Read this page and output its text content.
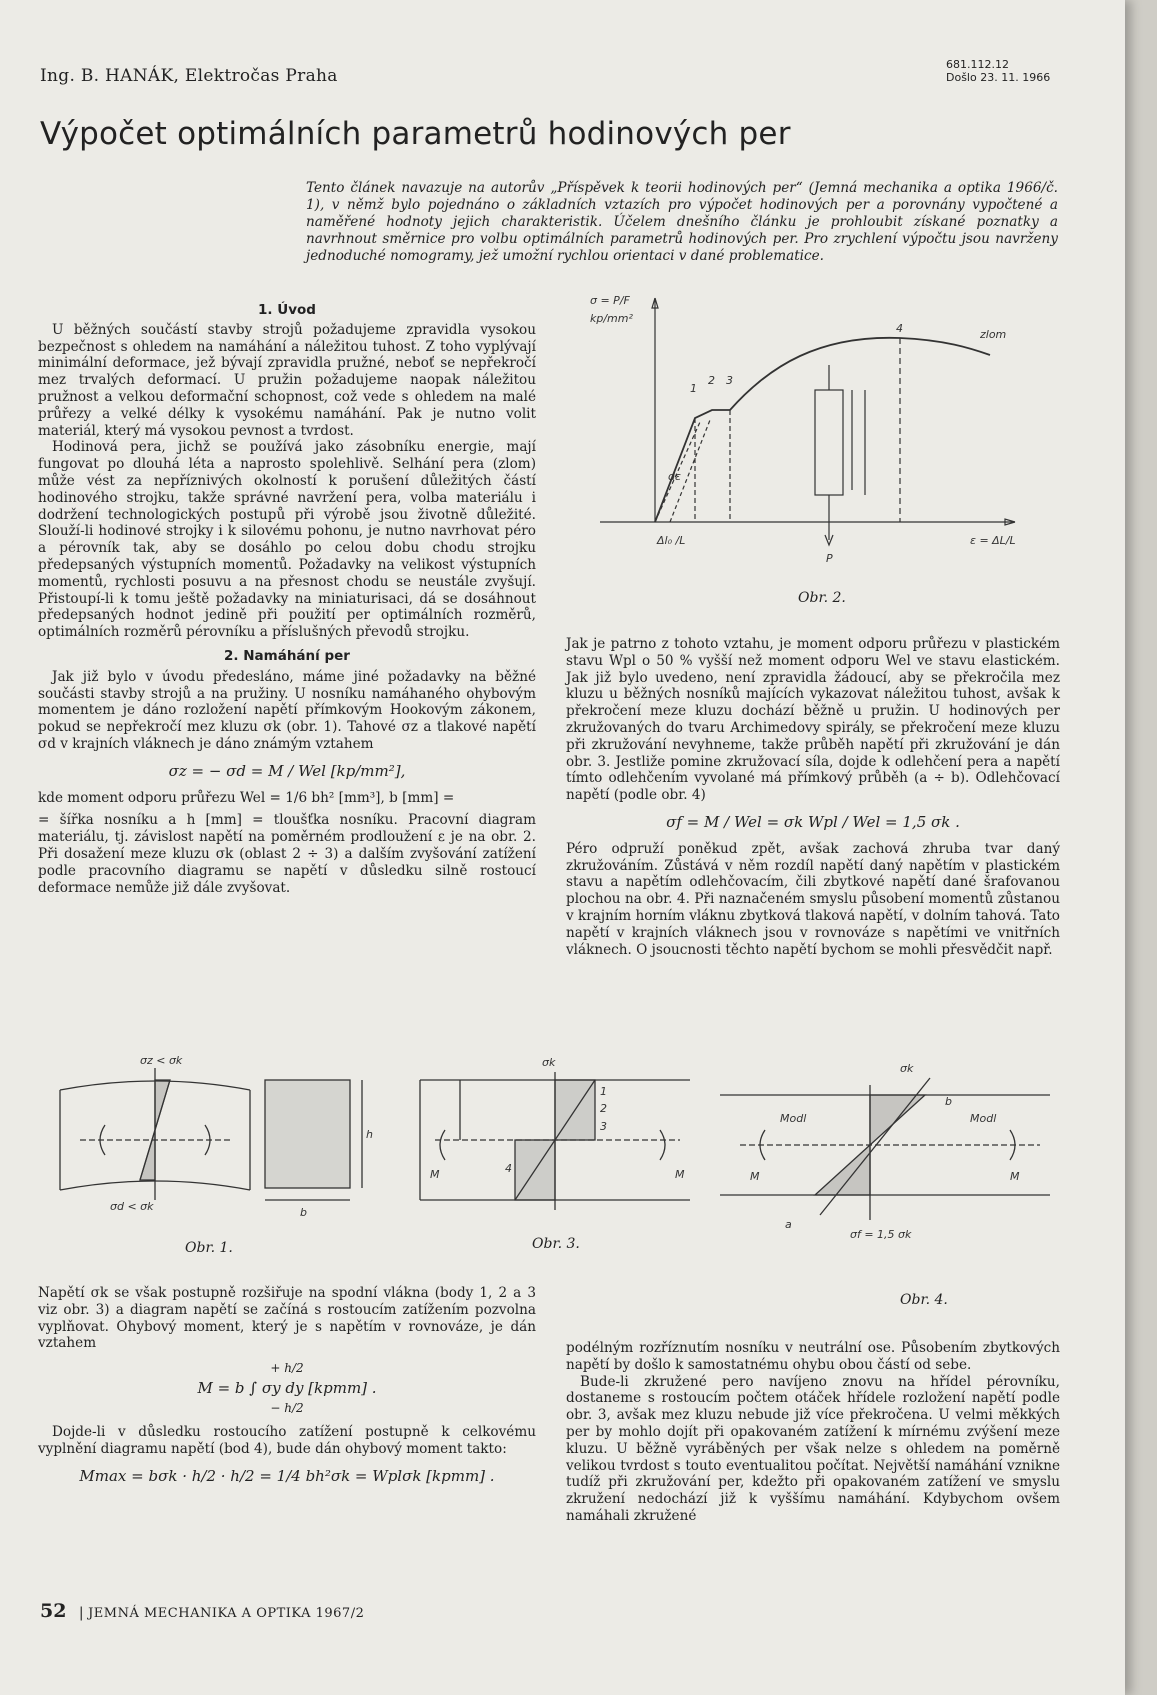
Ing. B. HANÁK, Elektročas Praha
681.112.12
Došlo 23. 11. 1966
Výpočet optimálních parametrů hodinových per
Tento článek navazuje na autorův „Příspěvek k teorii hodinových per“ (Jemná mechanika a optika 1966/č. 1), v němž bylo pojednáno o základních vztazích pro výpočet hodinových per a porovnány vypočtené a naměřené hodnoty jejich charakteristik. Účelem dnešního článku je prohloubit získané poznatky a navrhnout směrnice pro volbu optimálních parametrů hodinových per. Pro zrychlení výpočtu jsou navrženy jednoduché nomogramy, jež umožní rychlou orientaci v dané problematice.
1. Úvod

U běžných součástí stavby strojů požadujeme zpravidla vysokou bezpečnost s ohledem na namáhání a náležitou tuhost. Z toho vyplývají minimální deformace, jež bývají zpravidla pružné, neboť se nepřekročí mez trvalých deformací. U pružin požadujeme naopak náležitou pružnost a velkou deformační schopnost, což vede s ohledem na malé průřezy a velké délky k vysokému namáhání. Pak je nutno volit materiál, který má vysokou pevnost a tvrdost.

Hodinová pera, jichž se používá jako zásobníku energie, mají fungovat po dlouhá léta a naprosto spolehlivě. Selhání pera (zlom) může vést za nepříznivých okolností k porušení důležitých částí hodinového strojku, takže správné navržení pera, volba materiálu i dodržení technologických postupů při výrobě jsou životně důležité. Slouží-li hodinové strojky i k silovému pohonu, je nutno navrhovat péro a pérovník tak, aby se dosáhlo po celou dobu chodu strojku předepsaných výstupních momentů. Požadavky na velikost výstupních momentů, rychlosti posuvu a na přesnost chodu se neustále zvyšují. Přistoupí-li k tomu ještě požadavky na miniaturisaci, dá se dosáhnout předepsaných hodnot jedině při použití per optimálních rozměrů, optimálních rozměrů pérovníku a příslušných převodů strojku.

2. Namáhání per

Jak již bylo v úvodu předesláno, máme jiné požadavky na běžné součásti stavby strojů a na pružiny. U nosníku namáhaného ohybovým momentem je dáno rozložení napětí přímkovým Hookovým zákonem, pokud se nepřekročí mez kluzu σk (obr. 1). Tahové σz a tlakové napětí σd v krajních vláknech je dáno známým vztahem

σz = − σd = M / Wel [kp/mm²],

kde moment odporu průřezu Wel = 1/6 bh² [mm³], b [mm] =

= šířka nosníku a h [mm] = tloušťka nosníku. Pracovní diagram materiálu, tj. závislost napětí na poměrném prodloužení ε je na obr. 2. Při dosažení meze kluzu σk (oblast 2 ÷ 3) a dalším zvyšování zatížení podle pracovního diagramu se napětí v důsledku silně rostoucí deformace nemůže již dále zvyšovat.

σ = P/F
kp/mm²
1
2 3
4	zlom
dε
Δl₀ /L	ε = ΔL/L
P
Obr. 2.

Jak je patrno z tohoto vztahu, je moment odporu průřezu v plastickém stavu Wpl o 50 % vyšší než moment odporu Wel ve stavu elastickém. Jak již bylo uvedeno, není zpravidla žádoucí, aby se překročila mez kluzu u běžných nosníků majících vykazovat náležitou tuhost, avšak k překročení meze kluzu dochází běžně u pružin. U hodinových per zkružovaných do tvaru Archimedovy spirály, se překročení meze kluzu při zkružování nevyhneme, takže průběh napětí při zkružování je dán obr. 3. Jestliže pomine zkružovací síla, dojde k odlehčení pera a napětí tímto odlehčením vyvolané má přímkový průběh (a ÷ b). Odlehčovací napětí (podle obr. 4)

σf = M / Wel = σk Wpl / Wel = 1,5 σk .

Péro odpruží poněkud zpět, avšak zachová zhruba tvar daný zkružováním. Zůstává v něm rozdíl napětí daný napětím v plastickém stavu a napětím odlehčovacím, čili zbytkové napětí dané šrafovanou plochou na obr. 4. Při naznačeném smyslu působení momentů zůstanou v krajním horním vláknu zbytková tlaková napětí, v dolním tahová. Tato napětí v krajních vláknech jsou v rovnováze s napětími ve vnitřních vláknech. O jsoucnosti těchto napětí bychom se mohli přesvědčit např.

σz < σk
σd < σk	b
h
σk
1
2
3
4
M	M
σk
b
Modl	Modl
M	M
a
σf = 1,5 σk
Obr. 1.	Obr. 3.
Obr. 4.

Napětí σk se však postupně rozšiřuje na spodní vlákna (body 1, 2 a 3 viz obr. 3) a diagram napětí se začíná s rostoucím zatížením pozvolna vyplňovat. Ohybový moment, který je s napětím v rovnováze, je dán vztahem

+ h/2
M = b ∫ σy dy [kpmm] .
− h/2

Dojde-li v důsledku rostoucího zatížení postupně k celkovému vyplnění diagramu napětí (bod 4), bude dán ohybový moment takto:

Mmax = bσk · h/2 · h/2 = 1/4 bh²σk = Wplσk [kpmm] .

podélným rozříznutím nosníku v neutrální ose. Působením zbytkových napětí by došlo k samostatnému ohybu obou částí od sebe.

Bude-li zkružené pero navíjeno znovu na hřídel pérovníku, dostaneme s rostoucím počtem otáček hřídele rozložení napětí podle obr. 3, avšak mez kluzu nebude již více překročena. U velmi měkkých per by mohlo dojít při opakovaném zatížení k mírnému zvýšení meze kluzu. U běžně vyráběných per však nelze s ohledem na poměrně velikou tvrdost s touto eventualitou počítat. Největší namáhání vznikne tudíž při zkružování per, kdežto při opakovaném zatížení ve smyslu zkružení nedochází již k vyššímu namáhání. Kdybychom ovšem namáhali zkružené

52 | JEMNÁ MECHANIKA A OPTIKA 1967/2
